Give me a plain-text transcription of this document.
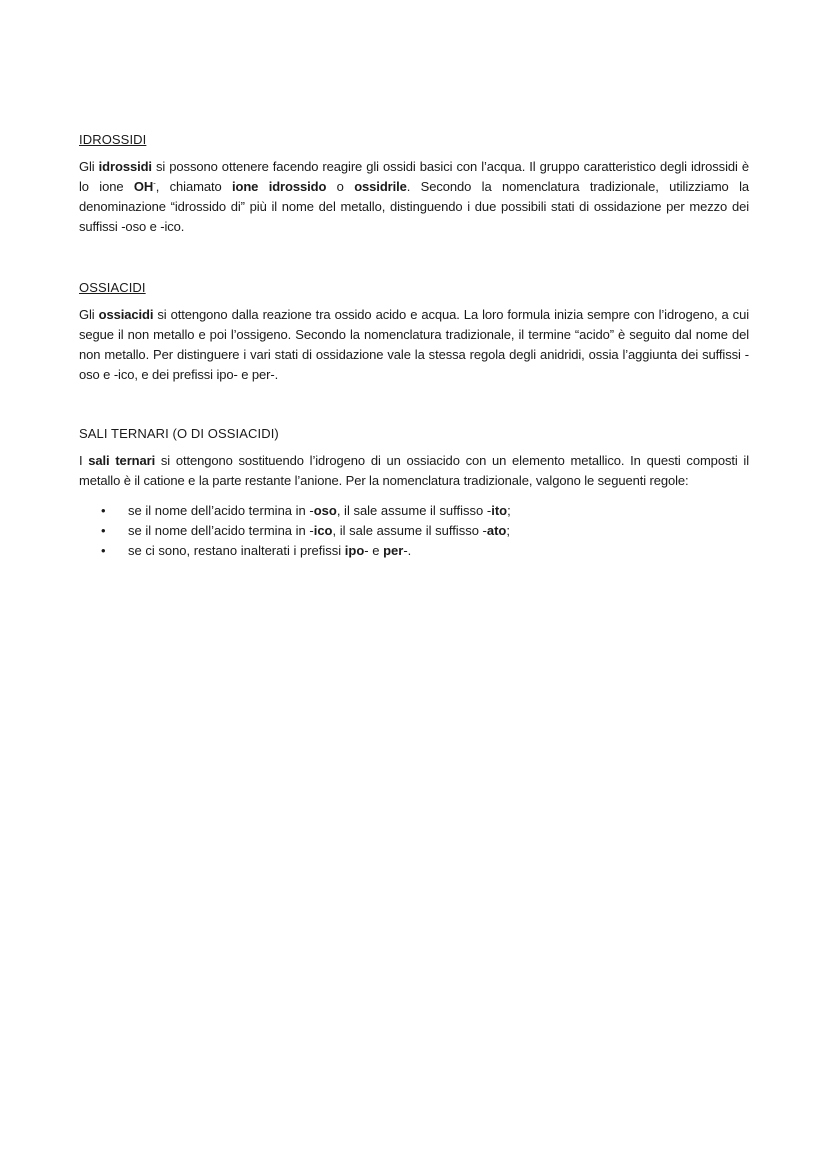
IDROSSIDI

Gli idrossidi si possono ottenere facendo reagire gli ossidi basici con l’acqua. Il gruppo caratteristico degli idrossidi è lo ione OH-, chiamato ione idrossido o ossidrile. Secondo la nomenclatura tradizionale, utilizziamo la denominazione “idrossido di” più il nome del metallo, distinguendo i due possibili stati di ossidazione per mezzo dei suffissi -oso e -ico.

OSSIACIDI

Gli ossiacidi si ottengono dalla reazione tra ossido acido e acqua. La loro formula inizia sempre con l’idrogeno, a cui segue il non metallo e poi l’ossigeno. Secondo la nomenclatura tradizionale, il termine “acido” è seguito dal nome del non metallo. Per distinguere i vari stati di ossidazione vale la stessa regola degli anidridi, ossia l’aggiunta dei suffissi -oso e -ico, e dei prefissi ipo- e per-.

SALI TERNARI (O DI OSSIACIDI)

I sali ternari si ottengono sostituendo l’idrogeno di un ossiacido con un elemento metallico. In questi composti il metallo è il catione e la parte restante l’anione. Per la nomenclatura tradizionale, valgono le seguenti regole:

• se il nome dell’acido termina in -oso, il sale assume il suffisso -ito;
• se il nome dell’acido termina in -ico, il sale assume il suffisso -ato;
• se ci sono, restano inalterati i prefissi ipo- e per-.
